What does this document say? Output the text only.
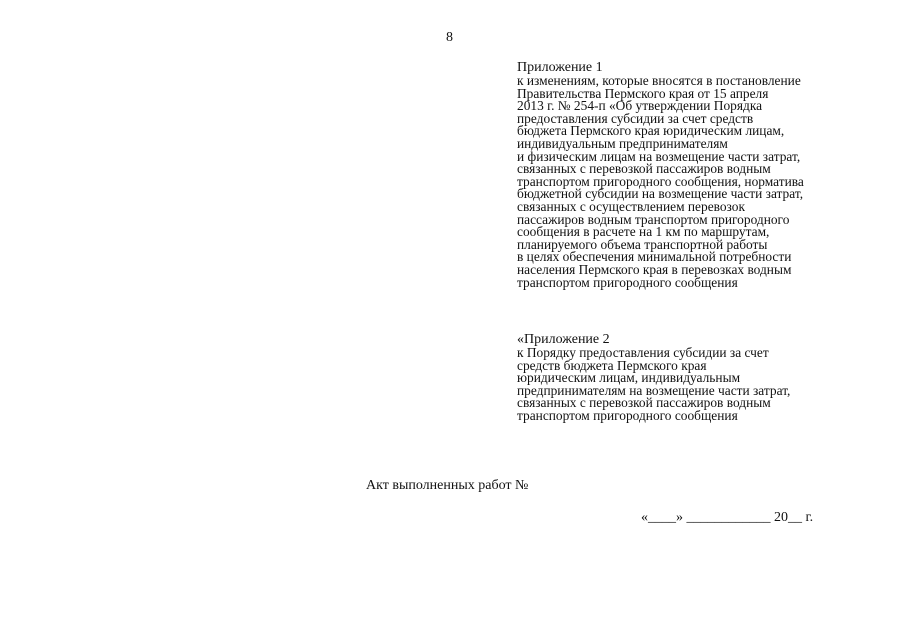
8
Приложение 1
к изменениям, которые вносятся в постановление
Правительства Пермского края от 15 апреля
2013 г. № 254-п «Об утверждении Порядка
предоставления субсидии за счет средств
бюджета Пермского края юридическим лицам,
индивидуальным предпринимателям
и физическим лицам на возмещение части затрат,
связанных с перевозкой пассажиров водным
транспортом пригородного сообщения, норматива
бюджетной субсидии на возмещение части затрат,
связанных с осуществлением перевозок
пассажиров водным транспортом пригородного
сообщения в расчете на 1 км по маршрутам,
планируемого объема транспортной работы
в целях обеспечения минимальной потребности
населения Пермского края в перевозках водным
транспортом пригородного сообщения
«Приложение 2
к Порядку предоставления субсидии за счет
средств бюджета Пермского края
юридическим лицам, индивидуальным
предпринимателям на возмещение части затрат,
связанных с перевозкой пассажиров водным
транспортом пригородного сообщения
Акт выполненных работ №
«____» ____________ 20__ г.
